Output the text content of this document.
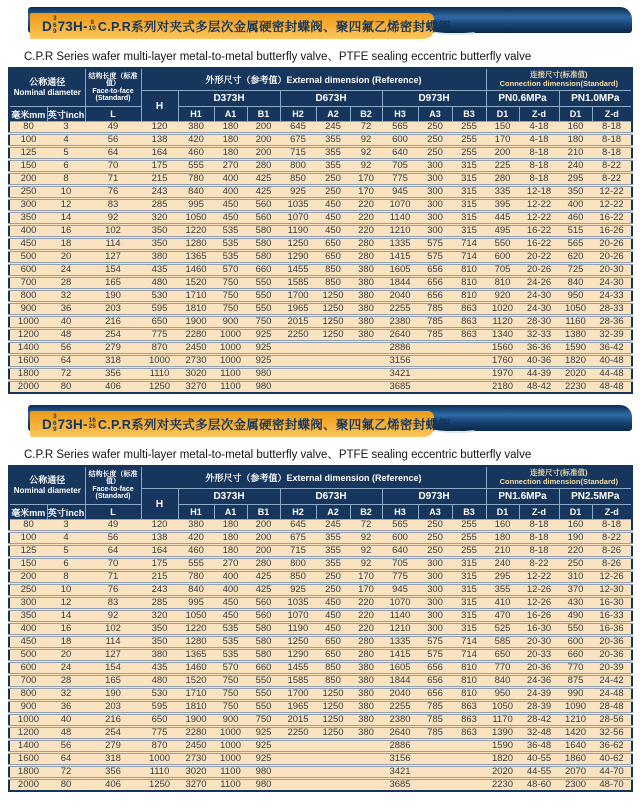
D 3
6
9 73H- 6
10 C.P.R系列对夹式多层次金属硬密封蝶阀、聚四氟乙烯密封蝶阀
C.P.R Series wafer multi-layer metal-to-metal butterfly valve、PTFE sealing eccentric butterfly valve
公称通径
Nominal diameter		结构长度（标准值）
Face-to-face
(Standard)	外形尺寸（参考值）External dimension (Reference)										连接尺寸(标准值)
Connection dimension(Standard)			
			H	D373H			D673H			D973H			PN0.6MPa		PN1.0MPa	
毫米mm	英寸inch	L		H1	A1	B1	H2	A2	B2	H3	A3	B3	D1	Z-d	D1	Z-d
80	3	49	120	380	180	200	645	245	72	565	250	255	150	4-18	160	8-18
100	4	56	138	420	180	200	675	355	92	600	250	255	170	4-18	180	8-18
125	5	64	164	460	180	200	715	355	92	640	250	255	200	8-18	210	8-18
150	6	70	175	555	270	280	800	355	92	705	300	315	225	8-18	240	8-22
200	8	71	215	780	400	425	850	250	170	775	300	315	280	8-18	295	8-22
250	10	76	243	840	400	425	925	250	170	945	300	315	335	12-18	350	12-22
300	12	83	285	995	450	560	1035	450	220	1070	300	315	395	12-22	400	12-22
350	14	92	320	1050	450	560	1070	450	220	1140	300	315	445	12-22	460	16-22
400	16	102	350	1220	535	580	1190	450	220	1210	300	315	495	16-22	515	16-26
450	18	114	350	1280	535	580	1250	650	280	1335	575	714	550	16-22	565	20-26
500	20	127	380	1365	535	580	1290	650	280	1415	575	714	600	20-22	620	20-26
600	24	154	435	1460	570	660	1455	850	380	1605	656	810	705	20-26	725	20-30
700	28	165	480	1520	750	550	1585	850	380	1844	656	810	810	24-26	840	24-30
800	32	190	530	1710	750	550	1700	1250	380	2040	656	810	920	24-30	950	24-33
900	36	203	595	1810	750	550	1965	1250	380	2255	785	863	1020	24-30	1050	28-33
1000	40	216	650	1900	900	750	2015	1250	380	2380	785	863	1120	28-30	1160	28-36
1200	48	254	775	2280	1000	925	2250	1250	380	2640	785	863	1340	32-33	1380	32-39
1400	56	279	870	2450	1000	925				2886			1560	36-36	1590	36-42
1600	64	318	1000	2730	1000	925				3156			1760	40-36	1820	40-48
1800	72	356	1110	3020	1100	980				3421			1970	44-39	2020	44-48
2000	80	406	1250	3270	1100	980				3685			2180	48-42	2230	48-48
D 3
6
9 73H- 16
25 C.P.R系列对夹式多层次金属硬密封蝶阀、聚四氟乙烯密封蝶阀
C.P.R Series wafer multi-layer metal-to-metal butterfly valve、PTFE sealing eccentric butterfly valve
公称通径
Nominal diameter		结构长度（标准值）
Face-to-face
(Standard)	外形尺寸（参考值）External dimension (Reference)										连接尺寸(标准值)
Connection dimension(Standard)			
			H	D373H			D673H			D973H			PN1.6MPa		PN2.5MPa	
毫米mm	英寸inch	L		H1	A1	B1	H2	A2	B2	H3	A3	B3	D1	Z-d	D1	Z-d
80	3	49	120	380	180	200	645	245	72	565	250	255	160	8-18	160	8-18
100	4	56	138	420	180	200	675	355	92	600	250	255	180	8-18	190	8-22
125	5	64	164	460	180	200	715	355	92	640	250	255	210	8-18	220	8-26
150	6	70	175	555	270	280	800	355	92	705	300	315	240	8-22	250	8-26
200	8	71	215	780	400	425	850	250	170	775	300	315	295	12-22	310	12-26
250	10	76	243	840	400	425	925	250	170	945	300	315	355	12-26	370	12-30
300	12	83	285	995	450	560	1035	450	220	1070	300	315	410	12-26	430	16-30
350	14	92	320	1050	450	560	1070	450	220	1140	300	315	470	16-26	490	16-33
400	16	102	350	1220	535	580	1190	450	220	1210	300	315	525	16-30	550	16-36
450	18	114	350	1280	535	580	1250	650	280	1335	575	714	585	20-30	600	20-36
500	20	127	380	1365	535	580	1290	650	280	1415	575	714	650	20-33	660	20-36
600	24	154	435	1460	570	660	1455	850	380	1605	656	810	770	20-36	770	20-39
700	28	165	480	1520	750	550	1585	850	380	1844	656	810	840	24-36	875	24-42
800	32	190	530	1710	750	550	1700	1250	380	2040	656	810	950	24-39	990	24-48
900	36	203	595	1810	750	550	1965	1250	380	2255	785	863	1050	28-39	1090	28-48
1000	40	216	650	1900	900	750	2015	1250	380	2380	785	863	1170	28-42	1210	28-56
1200	48	254	775	2280	1000	925	2250	1250	380	2640	785	863	1390	32-48	1420	32-56
1400	56	279	870	2450	1000	925				2886			1590	36-48	1640	36-62
1600	64	318	1000	2730	1000	925				3156			1820	40-55	1860	40-62
1800	72	356	1110	3020	1100	980				3421			2020	44-55	2070	44-70
2000	80	406	1250	3270	1100	980				3685			2230	48-60	2300	48-70
